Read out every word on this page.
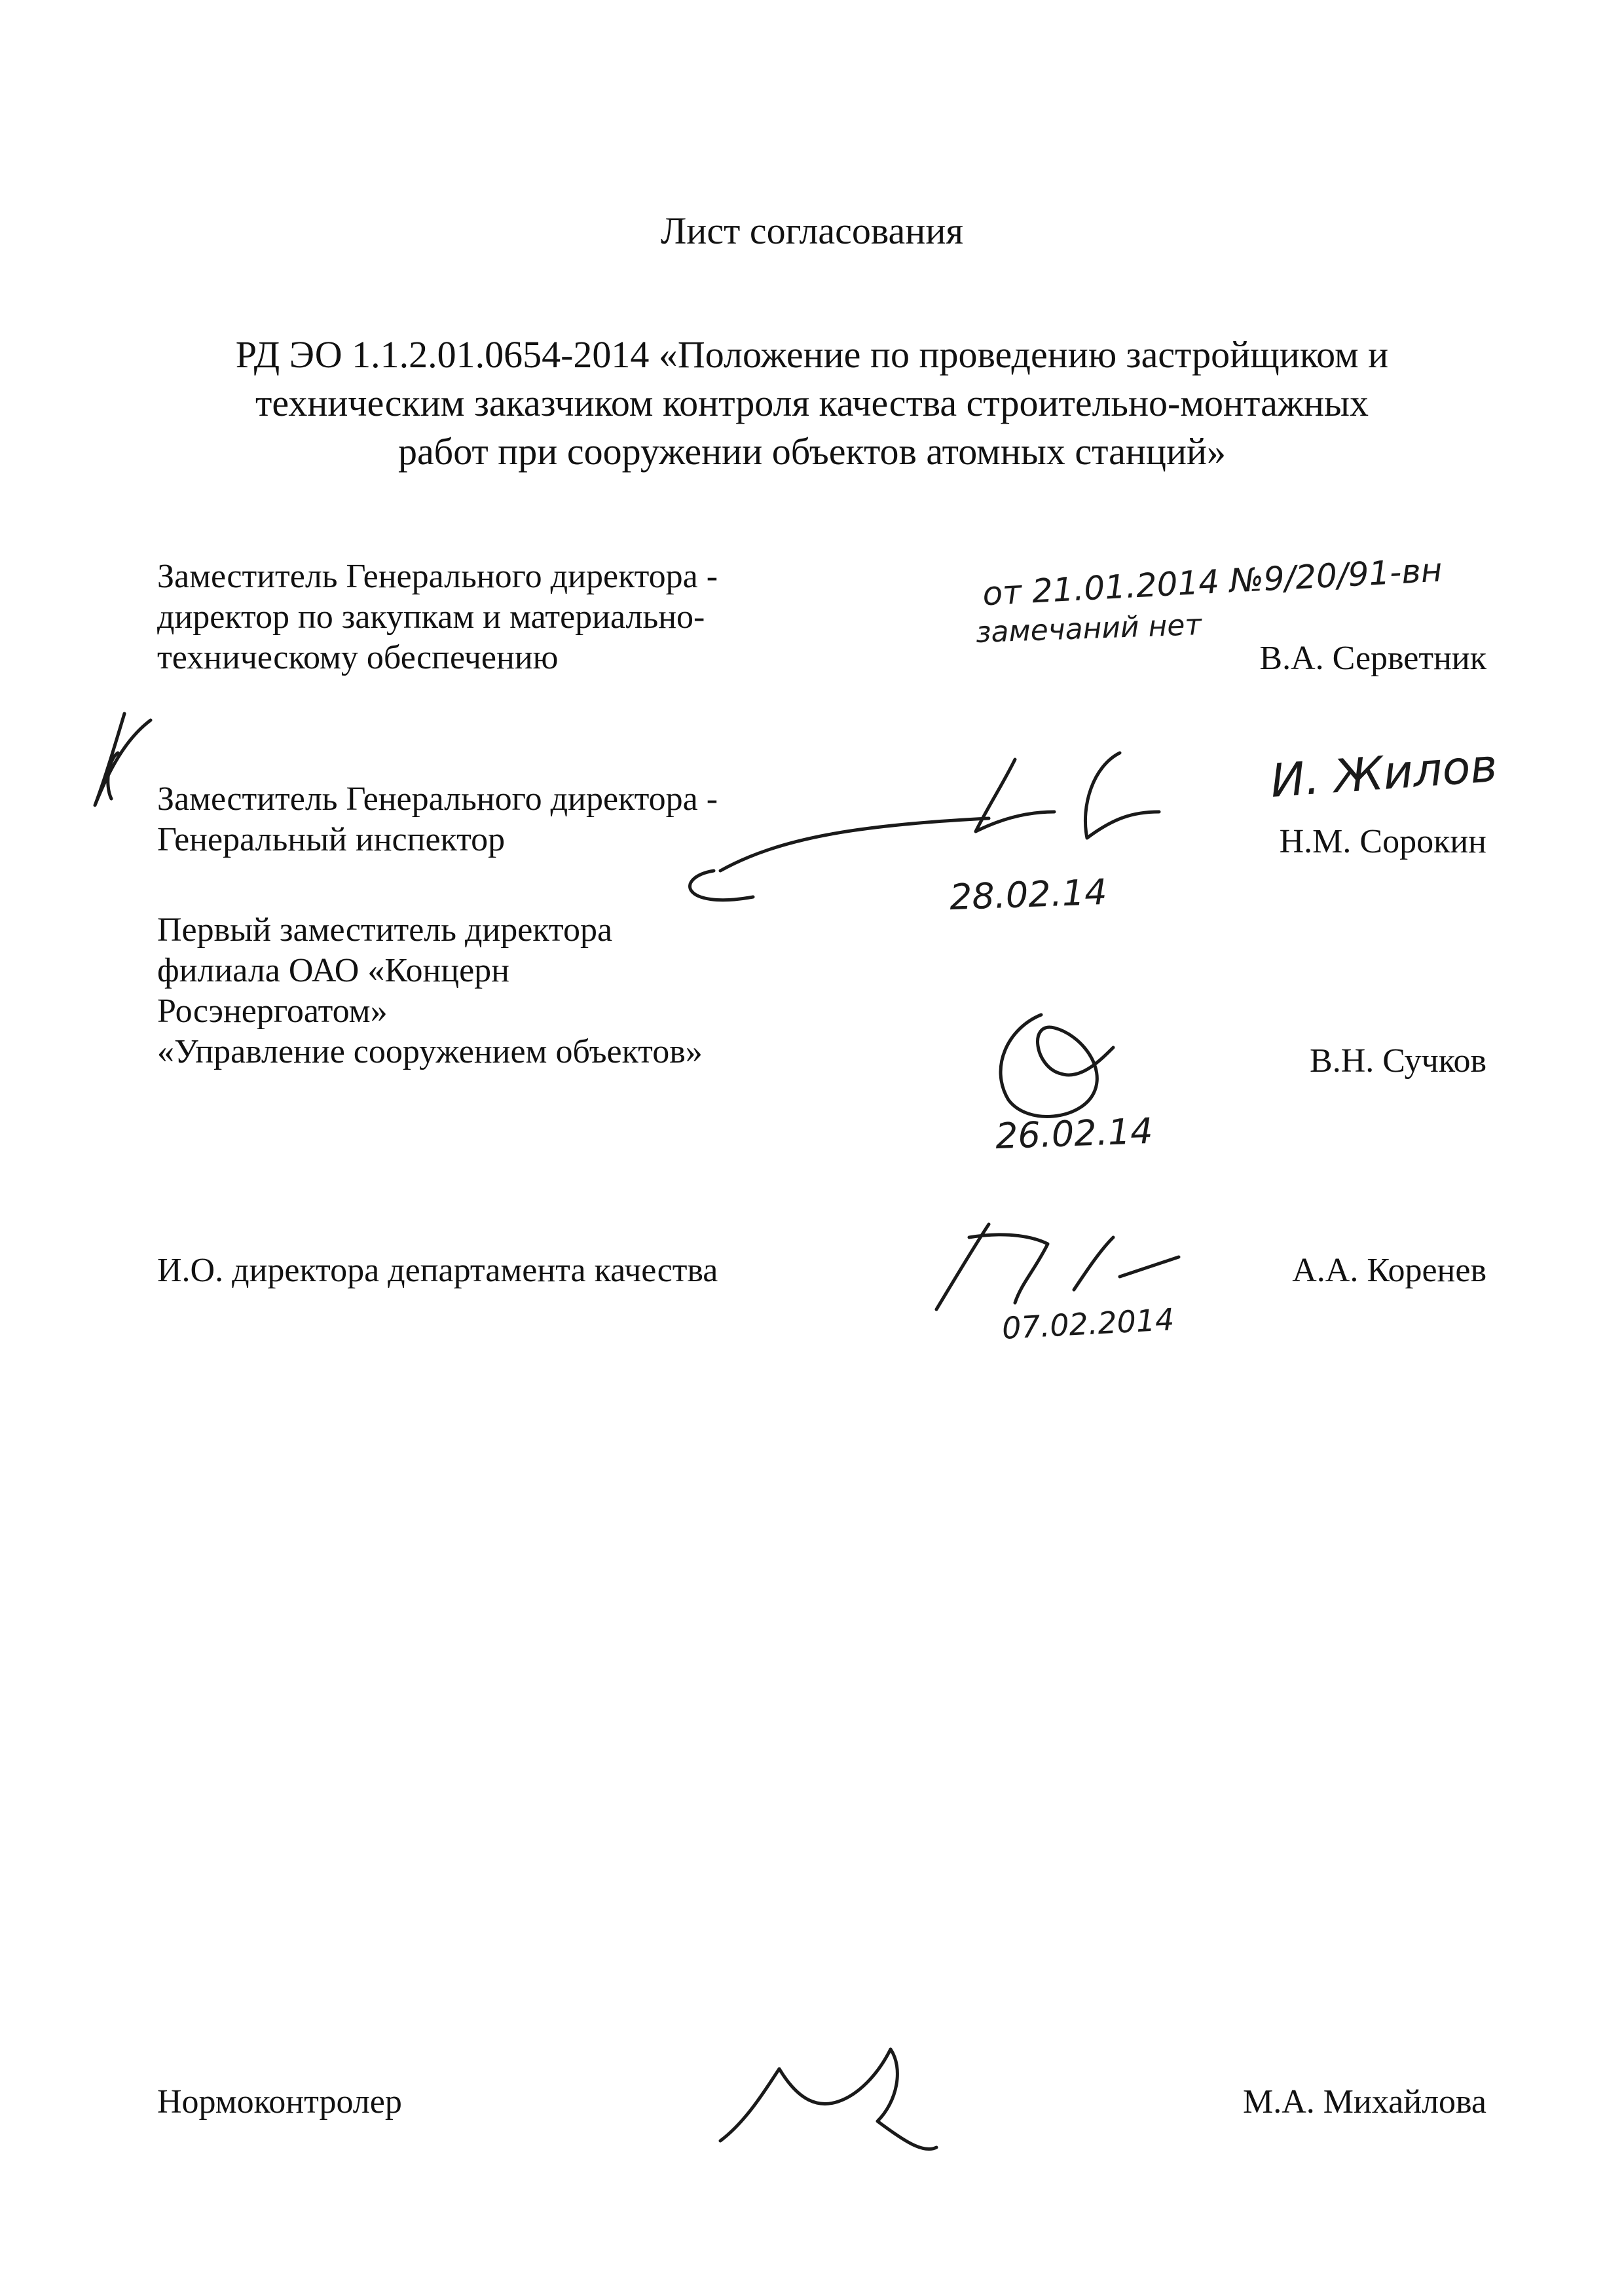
Лист согласования
РД ЭО 1.1.2.01.0654-2014 «Положение по проведению застройщиком и
техническим заказчиком контроля качества строительно-монтажных
работ при сооружении объектов атомных станций»
Заместитель Генерального директора -
директор по закупкам и материально-
техническому обеспечению
от 21.01.2014 №9/20/91-вн
замечаний нет
В.А. Серветник
Заместитель Генерального директора -
Генеральный инспектор
И. Жилов
28.02.14
Н.М. Сорокин
Первый заместитель директора
филиала ОАО «Концерн
Росэнергоатом»
«Управление сооружением объектов»
26.02.14
В.Н. Сучков
И.О. директора департамента качества
07.02.2014
А.А. Коренев
Нормоконтролер	М.А. Михайлова
